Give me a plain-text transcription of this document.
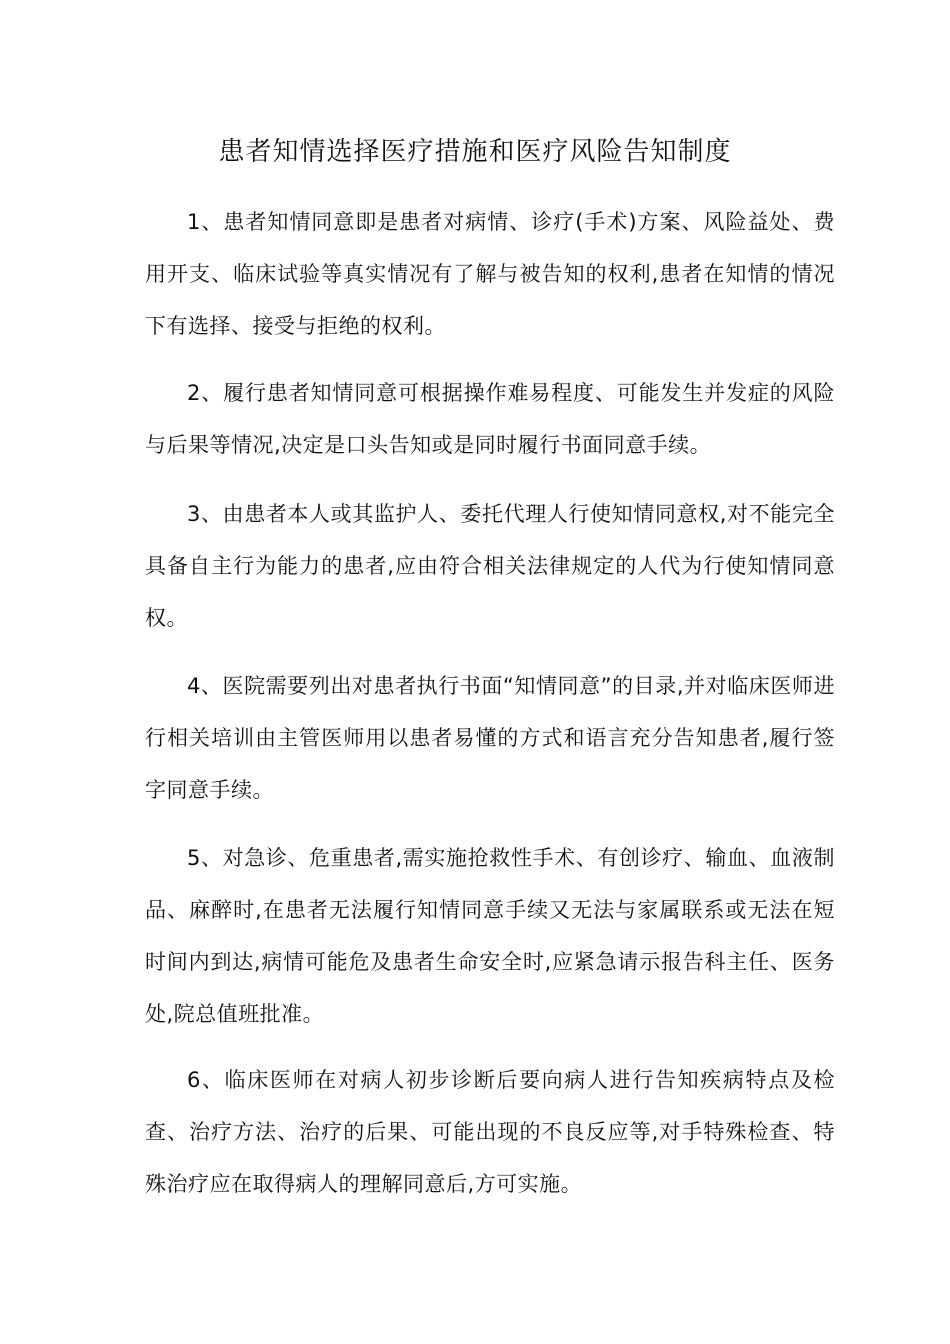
患者知情选择医疗措施和医疗风险告知制度

1、患者知情同意即是患者对病情、诊疗(手术)方案、风险益处、费用开支、临床试验等真实情况有了解与被告知的权利,患者在知情的情况下有选择、接受与拒绝的权利。

2、履行患者知情同意可根据操作难易程度、可能发生并发症的风险与后果等情况,决定是口头告知或是同时履行书面同意手续。

3、由患者本人或其监护人、委托代理人行使知情同意权,对不能完全具备自主行为能力的患者,应由符合相关法律规定的人代为行使知情同意权。

4、医院需要列出对患者执行书面“知情同意”的目录,并对临床医师进行相关培训由主管医师用以患者易懂的方式和语言充分告知患者,履行签字同意手续。

5、对急诊、危重患者,需实施抢救性手术、有创诊疗、输血、血液制品、麻醉时,在患者无法履行知情同意手续又无法与家属联系或无法在短时间内到达,病情可能危及患者生命安全时,应紧急请示报告科主任、医务处,院总值班批准。

6、临床医师在对病人初步诊断后要向病人进行告知疾病特点及检查、治疗方法、治疗的后果、可能出现的不良反应等,对手特殊检查、特殊治疗应在取得病人的理解同意后,方可实施。
